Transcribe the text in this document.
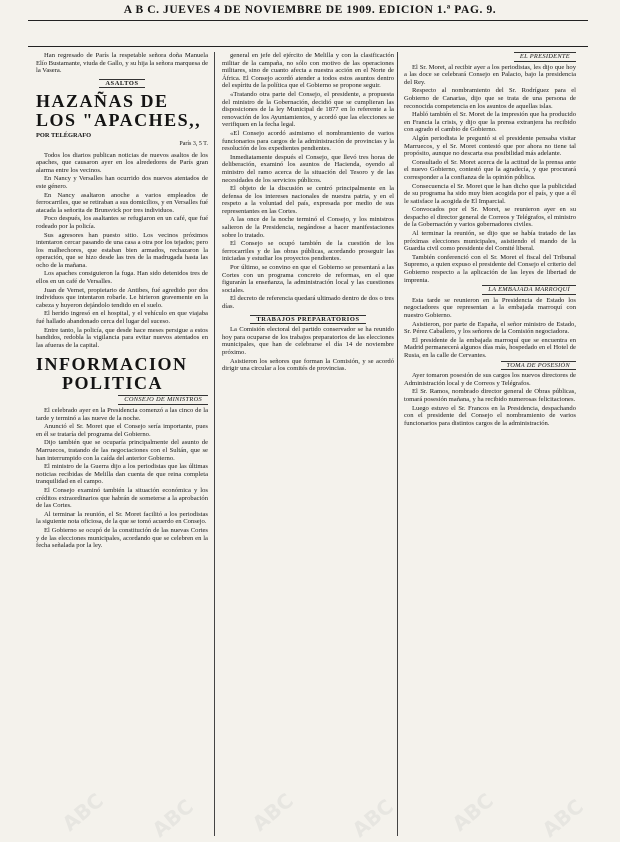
A B C. JUEVES 4 DE NOVIEMBRE DE 1909. EDICION 1.ª PAG. 9.

Han regresado de París la respetable señora doña Manuela Elío Bustamante, viuda de Gallo, y su hija la señora marquesa de la Vasera.

ASALTOS
HAZAÑAS DE
LOS "APACHES,,
POR TELÉGRAFO
París 3, 5 T.

Todos los diarios publican noticias de nuevos asaltos de los apaches, que causaron ayer en los alrededores de París gran alarma entre los vecinos.

En Nancy y Versalles han ocurrido dos nuevos atentados de este género.

En Nancy asaltaron anoche a varios empleados de ferrocarriles, que se retiraban a sus domicilios, y en Versalles fué atacada la señorita de Brunsvick por tres individuos.

Poco después, los asaltantes se refugiaron en un café, que fué rodeado por la policía.

Sus agresores han puesto sitio. Los vecinos próximos intentaron cercar pasando de una casa a otra por los tejados; pero los malhechores, que estaban bien armados, rechazaron la operación, que se hizo desde las tres de la madrugada hasta las ocho de la mañana.

Los apaches consiguieron la fuga. Han sido detenidos tres de ellos en un café de Versalles.

Juan de Vernet, propietario de Antibes, fué agredido por dos individuos que intentaron robarle. Le hirieron gravemente en la cabeza y huyeron dejándolo tendido en el suelo.

El herido ingresó en el hospital, y el vehículo en que viajaba fué hallado abandonado cerca del lugar del suceso.

Entre tanto, la policía, que desde hace meses persigue a estos bandidos, redobla la vigilancia para evitar nuevos atentados en las afueras de la capital.

INFORMACION
POLITICA
CONSEJO DE MINISTROS

El celebrado ayer en la Presidencia comenzó a las cinco de la tarde y terminó a las nueve de la noche.

Anunció el Sr. Moret que el Consejo sería importante, pues en él se trataría del programa del Gobierno.

Dijo también que se ocuparía principalmente del asunto de Marruecos, tratando de las negociaciones con el Sultán, que se han interrumpido con la caída del anterior Gobierno.

El ministro de la Guerra dijo a los periodistas que las últimas noticias recibidas de Melilla dan cuenta de que reina completa tranquilidad en el campo.

El Consejo examinó también la situación económica y los créditos extraordinarios que habrán de someterse a la aprobación de las Cortes.

Al terminar la reunión, el Sr. Moret facilitó a los periodistas la siguiente nota oficiosa, de la que se tomó acuerdo en Consejo.

El Gobierno se ocupó de la constitución de las nuevas Cortes y de las elecciones municipales, acordando que se celebren en la fecha señalada por la ley.

general en jefe del ejército de Melilla y con la clasificación militar de la campaña, no sólo con motivo de las operaciones militares, sino de cuanto afecta a nuestra acción en el Norte de África. El Consejo acordó atender a todos estos asuntos dentro del espíritu de la política que el Gobierno se propone seguir.

«Tratando otra parte del Consejo, el presidente, a propuesta del ministro de la Gobernación, decidió que se cumplieran las disposiciones de la ley Municipal de 1877 en lo referente a la renovación de los Ayuntamientos, y acordó que las elecciones se verifiquen en la fecha legal.

«El Consejo acordó asimismo el nombramiento de varios funcionarios para cargos de la administración de provincias y la resolución de los expedientes pendientes.

Inmediatamente después el Consejo, que llevó tres horas de deliberación, examinó los asuntos de Hacienda, oyendo al ministro del ramo acerca de la situación del Tesoro y de las necesidades de los servicios públicos.

El objeto de la discusión se centró principalmente en la defensa de los intereses nacionales de nuestra patria, y en el respeto a la voluntad del país, expresada por medio de sus representantes en las Cortes.

A las once de la noche terminó el Consejo, y los ministros salieron de la Presidencia, negándose a hacer manifestaciones sobre lo tratado.

El Consejo se ocupó también de la cuestión de los ferrocarriles y de las obras públicas, acordando proseguir las iniciadas y estudiar los proyectos pendientes.

Por último, se convino en que el Gobierno se presentará a las Cortes con un programa concreto de reformas, en el que figurarán la enseñanza, la administración local y las cuestiones sociales.

El decreto de referencia quedará ultimado dentro de dos o tres días.

TRABAJOS PREPARATORIOS

La Comisión electoral del partido conservador se ha reunido hoy para ocuparse de los trabajos preparatorios de las elecciones municipales, que han de celebrarse el día 14 de noviembre próximo.

Asistieron los señores que forman la Comisión, y se acordó dirigir una circular a los comités de provincias.

EL PRESIDENTE

El Sr. Moret, al recibir ayer a los periodistas, les dijo que hoy a las doce se celebrará Consejo en Palacio, bajo la presidencia del Rey.

Respecto al nombramiento del Sr. Rodríguez para el Gobierno de Canarias, dijo que se trata de una persona de reconocida competencia en los asuntos de aquellas islas.

Habló también el Sr. Moret de la impresión que ha producido en Francia la crisis, y dijo que la prensa extranjera ha recibido con agrado el cambio de Gobierno.

Algún periodista le preguntó si el presidente pensaba visitar Marruecos, y el Sr. Moret contestó que por ahora no tiene tal propósito, aunque no descarta esa posibilidad más adelante.

Consultado el Sr. Moret acerca de la actitud de la prensa ante el nuevo Gobierno, contestó que la agradecía, y que procurará corresponder a la confianza de la opinión pública.

Consecuencia el Sr. Moret que le han dicho que la publicidad de su programa ha sido muy bien acogida por el país, y que a él le satisface la acogida de El Imparcial.

Convocados por el Sr. Moret, se reunieron ayer en su despacho el director general de Correos y Telégrafos, el ministro de la Gobernación y varios gobernadores civiles.

Al terminar la reunión, se dijo que se había tratado de las próximas elecciones municipales, asistiendo el mando de la Guardia civil como presidente del Comité liberal.

También conferenció con el Sr. Moret el fiscal del Tribunal Supremo, a quien expuso el presidente del Consejo el criterio del Gobierno respecto a la aplicación de las leyes de libertad de imprenta.

LA EMBAJADA MARROQUÍ

Esta tarde se reunieron en la Presidencia de Estado los negociadores que representan a la embajada marroquí con nuestro Gobierno.

Asistieron, por parte de España, el señor ministro de Estado, Sr. Pérez Caballero, y los señores de la Comisión negociadora.

El presidente de la embajada marroquí que se encuentra en Madrid permanecerá algunos días más, hospedado en el Hotel de Rusia, en la calle de Cervantes.

TOMA DE POSESIÓN

Ayer tomaron posesión de sus cargos los nuevos directores de Administración local y de Correos y Telégrafos.

El Sr. Ramos, nombrado director general de Obras públicas, tomará posesión mañana, y ha recibido numerosas felicitaciones.

Luego estuvo el Sr. Francos en la Presidencia, despachando con el presidente del Consejo el nombramiento de varios funcionarios para distintos cargos de la administración.

ABC ABC ABC ABC ABC ABC
